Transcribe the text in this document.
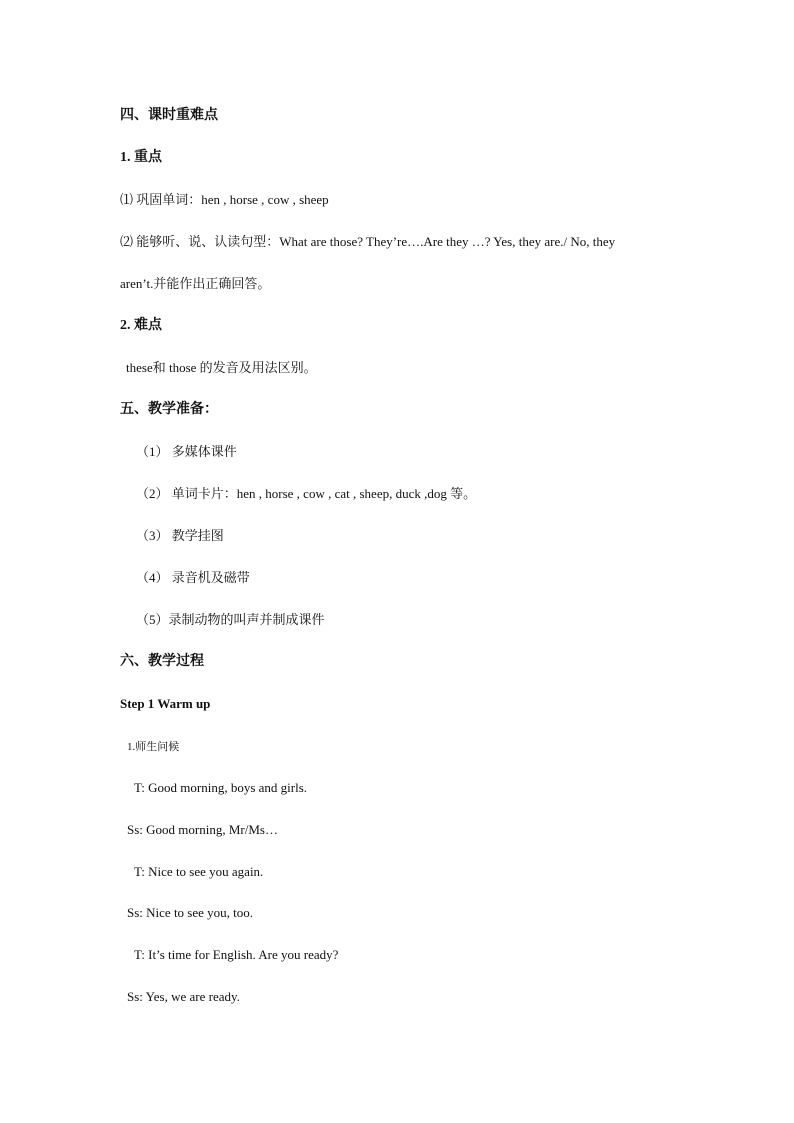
四、课时重难点
1. 重点
⑴ 巩固单词：hen , horse , cow , sheep
⑵ 能够听、说、认读句型：What are those? They’re….Are they …? Yes, they are./ No, they
aren’t.并能作出正确回答。
2. 难点
these和 those 的发音及用法区别。
五、教学准备：
（1） 多媒体课件
（2） 单词卡片：hen , horse , cow , cat , sheep, duck ,dog 等。
（3） 教学挂图
（4） 录音机及磁带
（5）录制动物的叫声并制成课件
六、教学过程
Step 1 Warm up
1.师生问候
T: Good morning, boys and girls.
Ss: Good morning, Mr/Ms…
T: Nice to see you again.
Ss: Nice to see you, too.
T: It’s time for English. Are you ready?
Ss: Yes, we are ready.
